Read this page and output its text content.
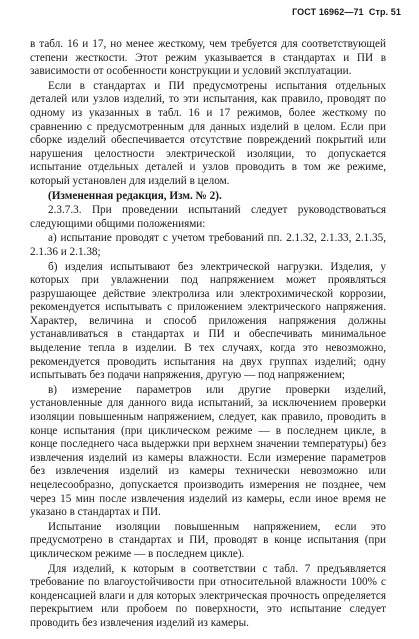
ГОСТ 16962—71 Стр. 51

в табл. 16 и 17, но менее жесткому, чем требуется для соответствующей степени жесткости. Этот режим указывается в стандартах и ПИ в зависимости от особенности конструкции и условий эксплуатации.

Если в стандартах и ПИ предусмотрены испытания отдельных деталей или узлов изделий, то эти испытания, как правило, проводят по одному из указанных в табл. 16 и 17 режимов, более жесткому по сравнению с предусмотренным для данных изделий в целом. Если при сборке изделий обеспечивается отсутствие повреждений покрытий или нарушения целостности электрической изоляции, то допускается испытание отдельных деталей и узлов проводить в том же режиме, который установлен для изделий в целом.

(Измененная редакция, Изм. № 2).

2.3.7.3. При проведении испытаний следует руководствоваться следующими общими положениями:

а) испытание проводят с учетом требований пп. 2.1.32, 2.1.33, 2.1.35, 2.1.36 и 2.1.38;

б) изделия испытывают без электрической нагрузки. Изделия, у которых при увлажнении под напряжением может проявляться разрушающее действие электролиза или электрохимической коррозии, рекомендуется испытывать с приложением электрического напряжения. Характер, величина и способ приложения напряжения должны устанавливаться в стандартах и ПИ и обеспечивать минимальное выделение тепла в изделии. В тех случаях, когда это невозможно, рекомендуется проводить испытания на двух группах изделий; одну испытывать без подачи напряжения, другую — под напряжением;

в) измерение параметров или другие проверки изделий, установленные для данного вида испытаний, за исключением проверки изоляции повышенным напряжением, следует, как правило, проводить в конце испытания (при цикличеcком режиме — в последнем цикле, в конце последнего часа выдержки при верхнем значении температуры) без извлечения изделий из камеры влажности. Если измерение параметров без извлечения изделий из камеры технически невозможно или нецелесообразно, допускается производить измерения не позднее, чем через 15 мин после извлечения изделий из камеры, если иное время не указано в стандартах и ПИ.

Испытание изоляции повышенным напряжением, если это предусмотрено в стандартах и ПИ, проводят в конце испытания (при циклическом режиме — в последнем цикле).

Для изделий, к которым в соответствии с табл. 7 предъявляется требование по влагоустойчивости при относительной влажности 100% с конденсацией влаги и для которых электрическая прочность определяется перекрытием или пробоем по поверхности, это испытание следует проводить без извлечения изделий из камеры.
